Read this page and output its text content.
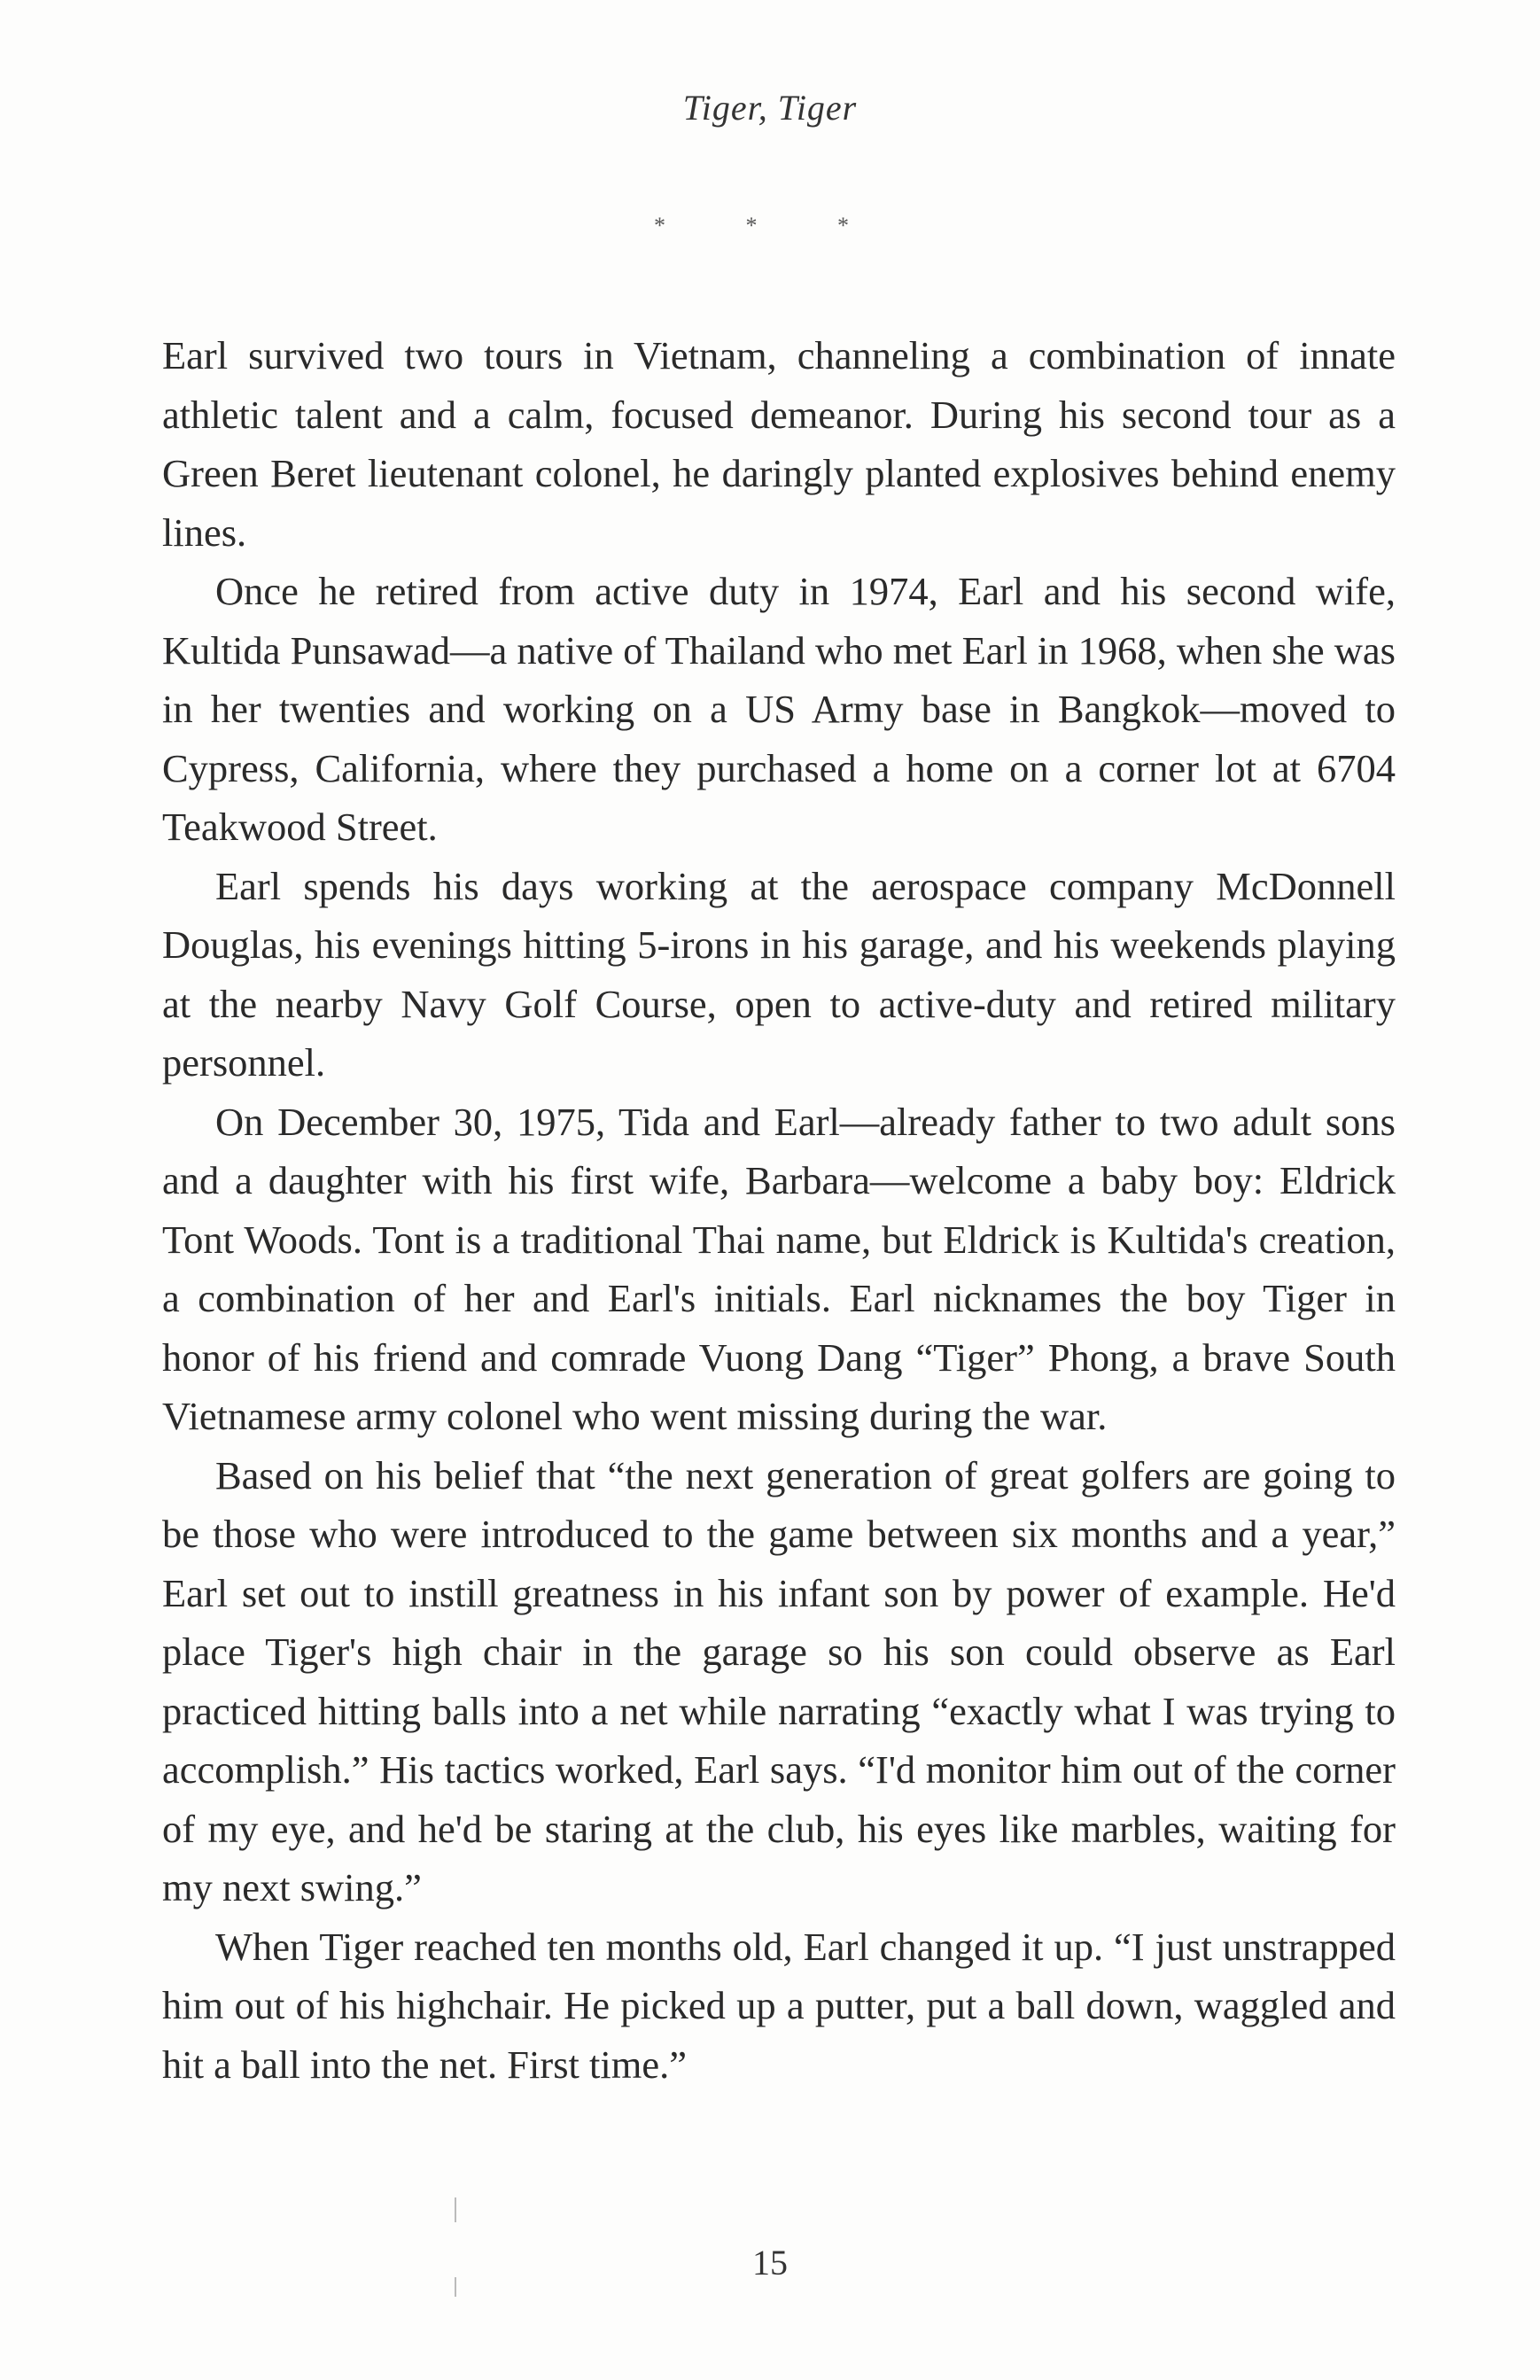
Tiger, Tiger
* * *

Earl survived two tours in Vietnam, channeling a combination of innate athletic talent and a calm, focused demeanor. During his second tour as a Green Beret lieutenant colonel, he daringly planted explosives behind enemy lines.

Once he retired from active duty in 1974, Earl and his second wife, Kultida Punsawad—a native of Thailand who met Earl in 1968, when she was in her twenties and working on a US Army base in Bangkok—moved to Cypress, California, where they purchased a home on a corner lot at 6704 Teakwood Street.

Earl spends his days working at the aerospace company McDonnell Douglas, his evenings hitting 5-irons in his garage, and his weekends playing at the nearby Navy Golf Course, open to active-duty and retired military personnel.

On December 30, 1975, Tida and Earl—already father to two adult sons and a daughter with his first wife, Barbara—welcome a baby boy: Eldrick Tont Woods. Tont is a traditional Thai name, but Eldrick is Kultida's creation, a combination of her and Earl's initials. Earl nicknames the boy Tiger in honor of his friend and comrade Vuong Dang “Tiger” Phong, a brave South Vietnamese army colonel who went missing during the war.

Based on his belief that “the next generation of great golfers are going to be those who were introduced to the game between six months and a year,” Earl set out to instill greatness in his infant son by power of example. He'd place Tiger's high chair in the garage so his son could observe as Earl practiced hitting balls into a net while narrating “exactly what I was trying to accomplish.” His tactics worked, Earl says. “I'd monitor him out of the corner of my eye, and he'd be staring at the club, his eyes like marbles, waiting for my next swing.”

When Tiger reached ten months old, Earl changed it up. “I just unstrapped him out of his highchair. He picked up a putter, put a ball down, waggled and hit a ball into the net. First time.”

15
